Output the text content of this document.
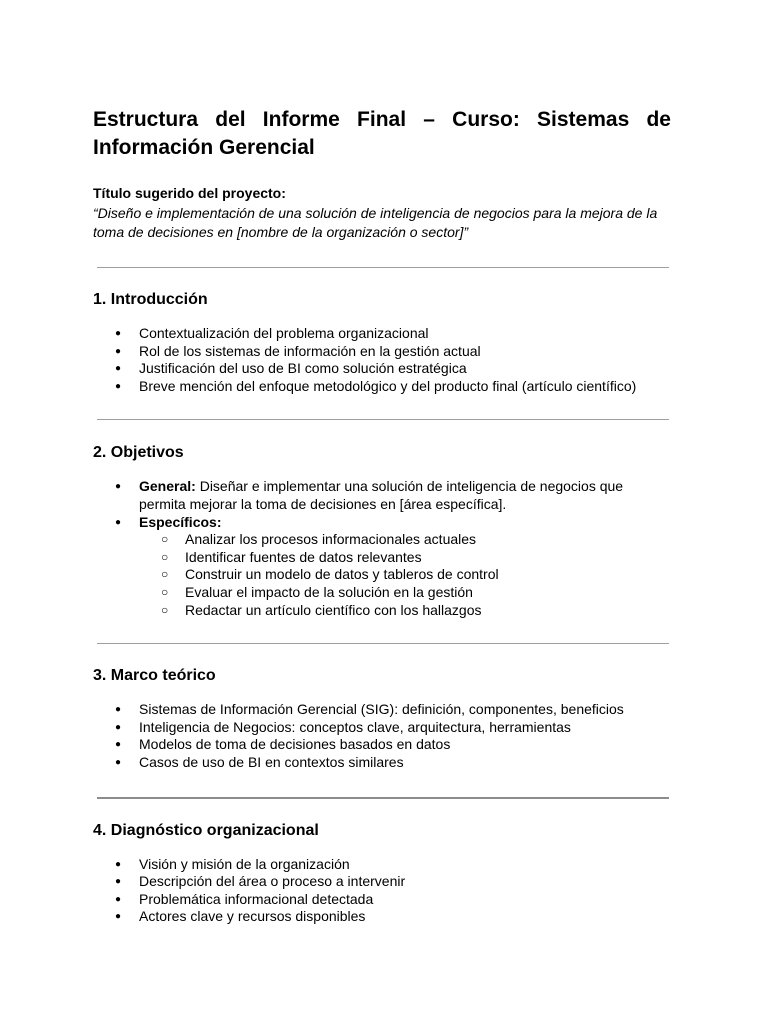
Estructura del Informe Final – Curso: Sistemas de Información Gerencial
Título sugerido del proyecto:
“Diseño e implementación de una solución de inteligencia de negocios para la mejora de la toma de decisiones en [nombre de la organización o sector]”
1. Introducción
● Contextualización del problema organizacional
● Rol de los sistemas de información en la gestión actual
● Justificación del uso de BI como solución estratégica
● Breve mención del enfoque metodológico y del producto final (artículo científico)
2. Objetivos
● General: Diseñar e implementar una solución de inteligencia de negocios que permita mejorar la toma de decisiones en [área específica].
● Específicos:
○ Analizar los procesos informacionales actuales
○ Identificar fuentes de datos relevantes
○ Construir un modelo de datos y tableros de control
○ Evaluar el impacto de la solución en la gestión
○ Redactar un artículo científico con los hallazgos
3. Marco teórico
● Sistemas de Información Gerencial (SIG): definición, componentes, beneficios
● Inteligencia de Negocios: conceptos clave, arquitectura, herramientas
● Modelos de toma de decisiones basados en datos
● Casos de uso de BI en contextos similares
4. Diagnóstico organizacional
● Visión y misión de la organización
● Descripción del área o proceso a intervenir
● Problemática informacional detectada
● Actores clave y recursos disponibles
